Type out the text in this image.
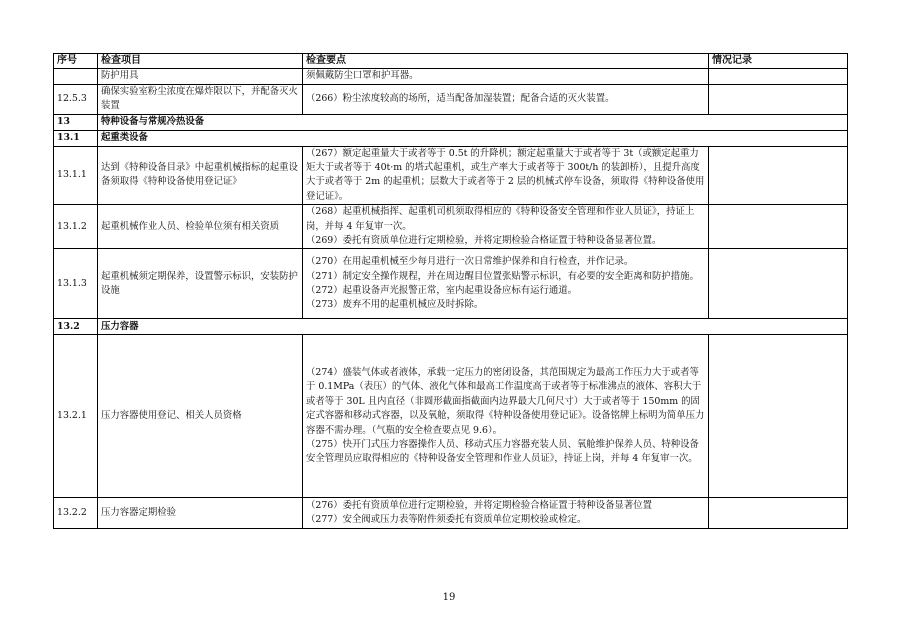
序号	检查项目	检查要点	情况记录
	防护用具	须佩戴防尘口罩和护耳器。	

12.5.3	确保实验室粉尘浓度在爆炸限以下，并配备灭火装置	（266）粉尘浓度较高的场所，适当配备加湿装置；配备合适的灭火装置。	

13	特种设备与常规冷热设备		
13.1	起重类设备		
13.1.1	达到《特种设备目录》中起重机械指标的起重设备须取得《特种设备使用登记证》	（267）额定起重量大于或者等于 0.5t 的升降机；额定起重量大于或者等于 3t（或额定起重力矩大于或者等于 40t·m 的塔式起重机，或生产率大于或者等于 300t/h 的装卸桥），且提升高度大于或者等于 2m 的起重机；层数大于或者等于 2 层的机械式停车设备，须取得《特种设备使用登记证》。	

13.1.2	起重机械作业人员、检验单位须有相关资质	（268）起重机械指挥、起重机司机须取得相应的《特种设备安全管理和作业人员证》，持证上岗，并每 4 年复审一次。

（269）委托有资质单位进行定期检验，并将定期检验合格证置于特种设备显著位置。	

13.1.3	起重机械须定期保养，设置警示标识，安装防护设施	（270）在用起重机械至少每月进行一次日常维护保养和自行检查，并作记录。

（271）制定安全操作规程，并在周边醒目位置张贴警示标识，有必要的安全距离和防护措施。

（272）起重设备声光报警正常，室内起重设备应标有运行通道。

（273）废弃不用的起重机械应及时拆除。	

13.2	压力容器		
13.2.1	压力容器使用登记、相关人员资格	（274）盛装气体或者液体，承载一定压力的密闭设备，其范围规定为最高工作压力大于或者等于 0.1MPa（表压）的气体、液化气体和最高工作温度高于或者等于标准沸点的液体、容积大于或者等于 30L 且内直径（非圆形截面指截面内边界最大几何尺寸）大于或者等于 150mm 的固定式容器和移动式容器，以及氧舱，须取得《特种设备使用登记证》。设备铭牌上标明为简单压力容器不需办理。（气瓶的安全检查要点见 9.6）。

（275）快开门式压力容器操作人员、移动式压力容器充装人员、氧舱维护保养人员、特种设备安全管理员应取得相应的《特种设备安全管理和作业人员证》，持证上岗，并每 4 年复审一次。	

13.2.2	压力容器定期检验	（276）委托有资质单位进行定期检验，并将定期检验合格证置于特种设备显著位置

（277）安全阀或压力表等附件须委托有资质单位定期校验或检定。	

19
